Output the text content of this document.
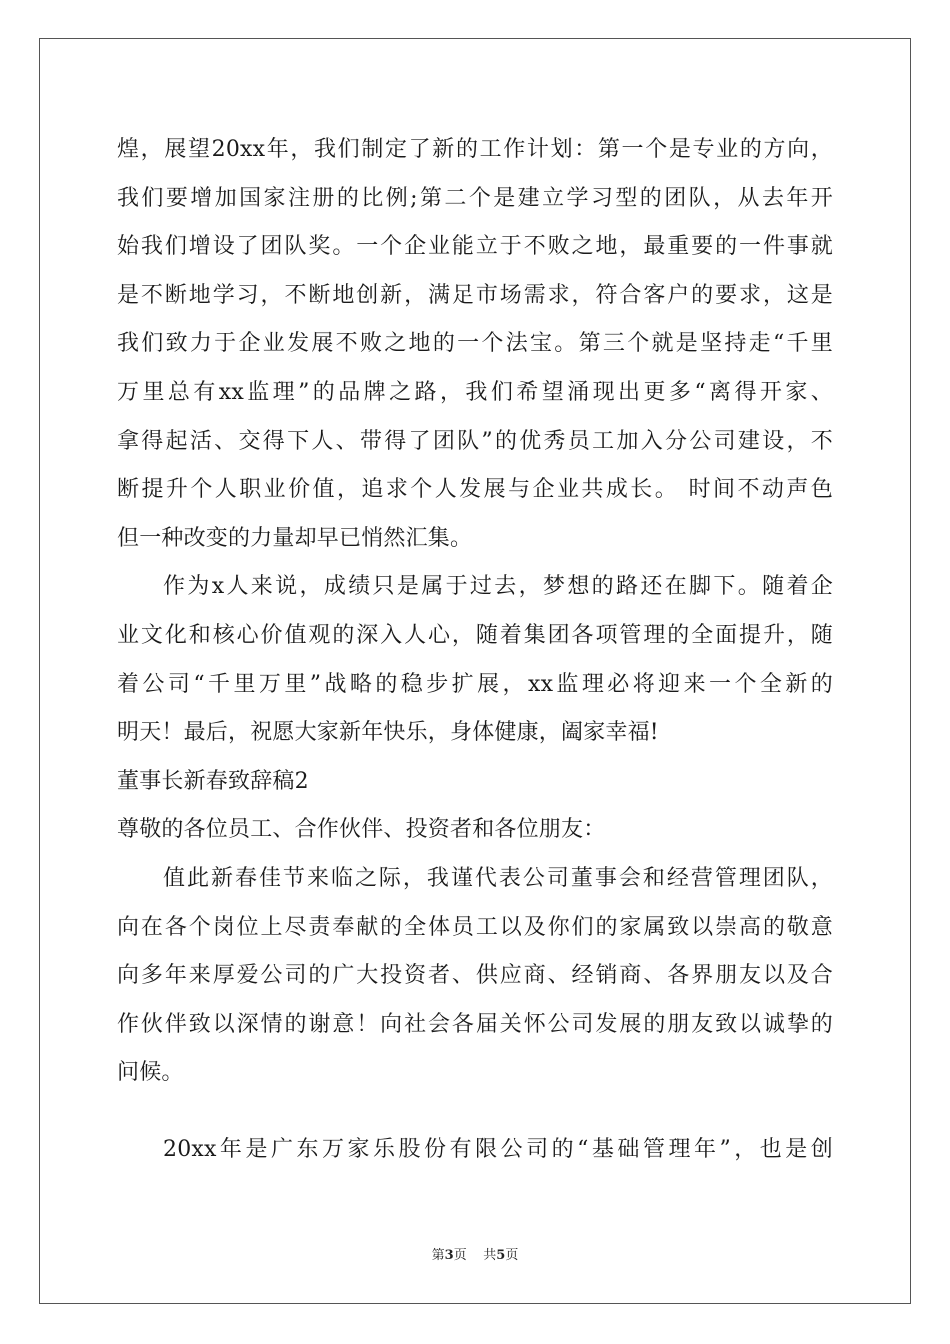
煌，展望20xx年，我们制定了新的工作计划：第一个是专业的方向，
我们要增加国家注册的比例;第二个是建立学习型的团队，从去年开
始我们增设了团队奖。一个企业能立于不败之地，最重要的一件事就
是不断地学习，不断地创新，满足市场需求，符合客户的要求，这是
我们致力于企业发展不败之地的一个法宝。第三个就是坚持走“千里
万里总有xx监理”的品牌之路，我们希望涌现出更多“离得开家、
拿得起活、交得下人、带得了团队”的优秀员工加入分公司建设，不
断提升个人职业价值，追求个人发展与企业共成长。 时间不动声色
但一种改变的力量却早已悄然汇集。
作为x人来说，成绩只是属于过去，梦想的路还在脚下。随着企
业文化和核心价值观的深入人心，随着集团各项管理的全面提升，随
着公司“千里万里”战略的稳步扩展，xx监理必将迎来一个全新的
明天！最后，祝愿大家新年快乐，身体健康，阖家幸福!
董事长新春致辞稿2
尊敬的各位员工、合作伙伴、投资者和各位朋友：
值此新春佳节来临之际，我谨代表公司董事会和经营管理团队，
向在各个岗位上尽责奉献的全体员工以及你们的家属致以崇高的敬意
向多年来厚爱公司的广大投资者、供应商、经销商、各界朋友以及合
作伙伴致以深情的谢意！向社会各届关怀公司发展的朋友致以诚挚的
问候。
20xx年是广东万家乐股份有限公司的“基础管理年”，也是创
第3页 共5页
